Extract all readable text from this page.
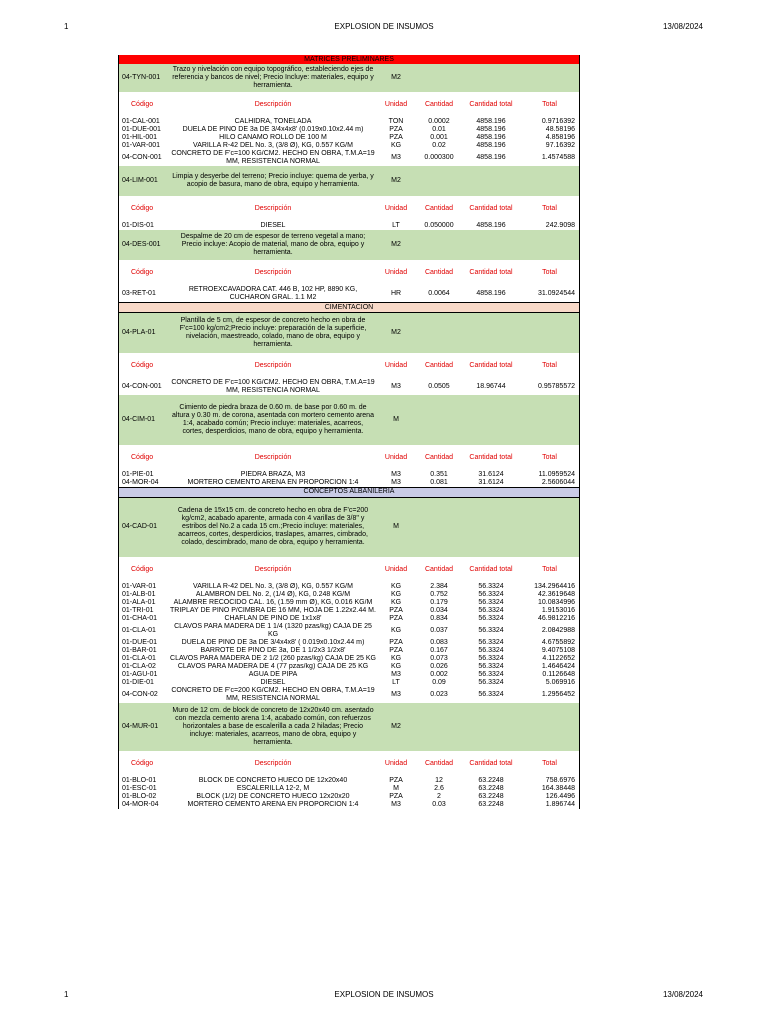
1	EXPLOSION DE INSUMOS	13/08/2024
MATRICES PRELIMINARES					
04-TYN-001	Trazo y nivelación con equipo topográfico, estableciendo ejes de referencia y bancos de nivel; Precio Incluye: materiales, equipo y herramienta.	M2			
Código	Descripción	Unidad	Cantidad	Cantidad total	Total
01-CAL-001	CALHIDRA, TONELADA	TON	0.0002	4858.196	0.9716392
01-DUE-001	DUELA DE PINO DE 3a DE 3/4x4x8' (0.019x0.10x2.44 m)	PZA	0.01	4858.196	48.58196
01-HIL-001	HILO CAÑAMO ROLLO DE 100 M	PZA	0.001	4858.196	4.858196
01-VAR-001	VARILLA R-42 DEL No. 3, (3/8 Ø), KG, 0.557 KG/M	KG	0.02	4858.196	97.16392
04-CON-001	CONCRETO DE F'c=100 KG/CM2. HECHO EN OBRA, T.M.A=19 MM, RESISTENCIA NORMAL	M3	0.000300	4858.196	1.4574588
04-LIM-001	Limpia y desyerbe del terreno; Precio incluye: quema de yerba, y acopio de basura, mano de obra, equipo y herramienta.	M2			
Código	Descripción	Unidad	Cantidad	Cantidad total	Total
01-DIS-01	DIESEL	LT	0.050000	4858.196	242.9098
04-DES-001	Despalme de 20 cm de espesor de terreno vegetal a mano; Precio incluye: Acopio de material, mano de obra, equipo y herramienta.	M2			
Código	Descripción	Unidad	Cantidad	Cantidad total	Total
03-RET-01	RETROEXCAVADORA CAT. 446 B, 102 HP, 8890 KG, CUCHARON GRAL. 1.1 M2	HR	0.0064	4858.196	31.0924544
CIMENTACION					
04-PLA-01	Plantilla de 5 cm, de espesor de concreto hecho en obra de F'c=100 kg/cm2;Precio incluye: preparación de la superficie, nivelación, maestreado, colado, mano de obra, equipo y herramienta.	M2			
Código	Descripción	Unidad	Cantidad	Cantidad total	Total
04-CON-001	CONCRETO DE F'c=100 KG/CM2. HECHO EN OBRA, T.M.A=19 MM, RESISTENCIA NORMAL	M3	0.0505	18.96744	0.95785572
04-CIM-01	Cimiento de piedra braza de 0.60 m. de base por 0.60 m. de altura y 0.30 m. de corona, asentada con mortero cemento arena 1:4, acabado común; Precio incluye: materiales, acarreos, cortes, desperdicios, mano de obra, equipo y herramienta.	M			
Código	Descripción	Unidad	Cantidad	Cantidad total	Total
01-PIE-01	PIEDRA BRAZA, M3	M3	0.351	31.6124	11.0959524
04-MOR-04	MORTERO CEMENTO ARENA EN PROPORCION 1:4	M3	0.081	31.6124	2.5606044
CONCEPTOS ALBAÑILERIA					
04-CAD-01	Cadena de 15x15 cm. de concreto hecho en obra de F'c=200 kg/cm2, acabado aparente, armada con 4 varillas de 3/8" y estribos del No.2 a cada 15 cm.;Precio incluye: materiales, acarreos, cortes, desperdicios, traslapes, amarres, cimbrado, colado, descimbrado, mano de obra, equipo y herramienta.	M			
Código	Descripción	Unidad	Cantidad	Cantidad total	Total
01-VAR-01	VARILLA R-42 DEL No. 3, (3/8 Ø), KG, 0.557 KG/M	KG	2.384	56.3324	134.2964416
01-ALB-01	ALAMBRON DEL No. 2, (1/4 Ø), KG, 0.248 KG/M	KG	0.752	56.3324	42.3619648
01-ALA-01	ALAMBRE RECOCIDO CAL. 16, (1.59 mm Ø), KG, 0.016 KG/M	KG	0.179	56.3324	10.0834996
01-TRI-01	TRIPLAY DE PINO P/CIMBRA DE 16 MM, HOJA DE 1.22x2.44 M.	PZA	0.034	56.3324	1.9153016
01-CHA-01	CHAFLAN DE PINO DE 1x1x8'	PZA	0.834	56.3324	46.9812216
01-CLA-01	CLAVOS PARA MADERA DE 1 1/4 (1320 pzas/kg) CAJA DE 25 KG	KG	0.037	56.3324	2.0842988
01-DUE-01	DUELA DE PINO DE 3a DE 3/4x4x8' ( 0.019x0.10x2.44 m)	PZA	0.083	56.3324	4.6755892
01-BAR-01	BARROTE DE PINO DE 3a, DE 1 1/2x3 1/2x8'	PZA	0.167	56.3324	9.4075108
01-CLA-01	CLAVOS PARA MADERA DE 2 1/2 (260 pzas/kg) CAJA DE 25 KG	KG	0.073	56.3324	4.1122652
01-CLA-02	CLAVOS PARA MADERA DE 4 (77 pzas/kg) CAJA DE 25 KG	KG	0.026	56.3324	1.4646424
01-AGU-01	AGUA DE PIPA	M3	0.002	56.3324	0.1126648
01-DIE-01	DIESEL	LT	0.09	56.3324	5.069916
04-CON-02	CONCRETO DE F'c=200 KG/CM2. HECHO EN OBRA, T.M.A=19 MM, RESISTENCIA NORMAL	M3	0.023	56.3324	1.2956452
04-MUR-01	Muro de 12 cm. de block de concreto de 12x20x40 cm. asentado con mezcla cemento arena 1:4, acabado común, con refuerzos horizontales a base de escalerilla a cada 2 hiladas; Precio incluye: materiales, acarreos, mano de obra, equipo y herramienta.	M2			
Código	Descripción	Unidad	Cantidad	Cantidad total	Total
01-BLO-01	BLOCK DE CONCRETO HUECO DE 12x20x40	PZA	12	63.2248	758.6976
01-ESC-01	ESCALERILLA 12-2, M	M	2.6	63.2248	164.38448
01-BLO-02	BLOCK (1/2) DE CONCRETO HUECO 12x20x20	PZA	2	63.2248	126.4496
04-MOR-04	MORTERO CEMENTO ARENA EN PROPORCION 1:4	M3	0.03	63.2248	1.896744
1	EXPLOSION DE INSUMOS	13/08/2024
